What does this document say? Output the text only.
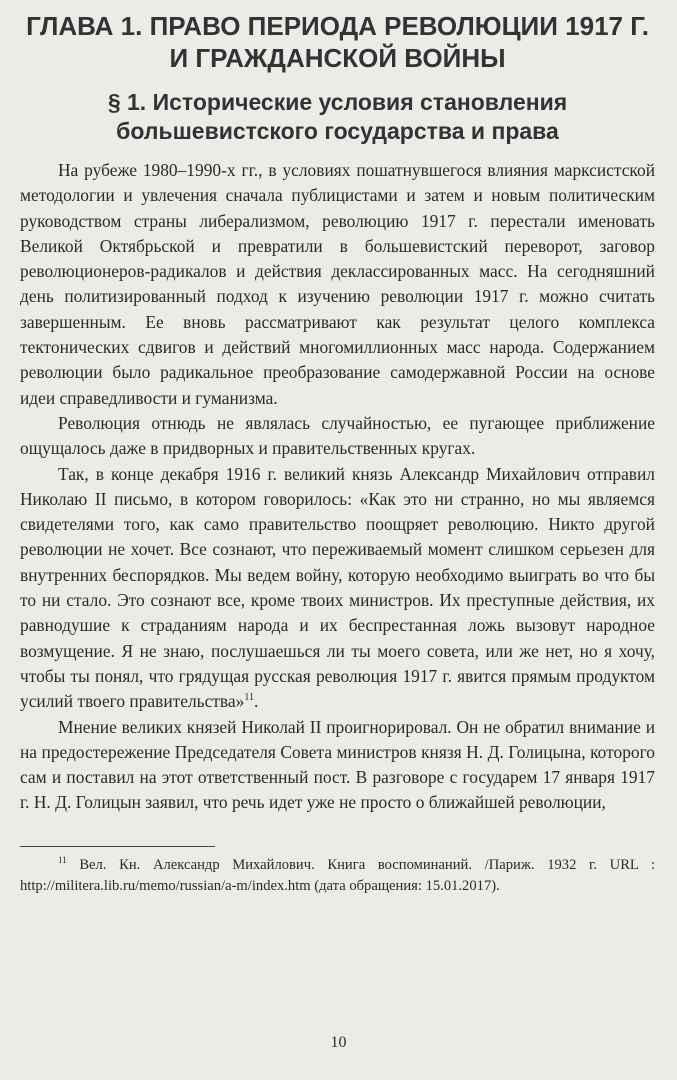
ГЛАВА 1. ПРАВО ПЕРИОДА РЕВОЛЮЦИИ 1917 Г.
И ГРАЖДАНСКОЙ ВОЙНЫ
§ 1. Исторические условия становления
большевистского государства и права

На рубеже 1980–1990-х гг., в условиях пошатнувшегося влияния марксистской методологии и увлечения сначала публицистами и затем и новым политическим руководством страны либерализмом, революцию 1917 г. перестали именовать Великой Октябрьской и превратили в большевистский переворот, заговор революционеров-радикалов и действия деклассированных масс. На сегодняшний день политизированный подход к изучению революции 1917 г. можно считать завершенным. Ее вновь рассматривают как результат целого комплекса тектонических сдвигов и действий многомиллионных масс народа. Содержанием революции было радикальное преобразование самодержавной России на основе идеи справедливости и гуманизма.

Революция отнюдь не являлась случайностью, ее пугающее приближение ощущалось даже в придворных и правительственных кругах.

Так, в конце декабря 1916 г. великий князь Александр Михайлович отправил Николаю II письмо, в котором говорилось: «Как это ни странно, но мы являемся свидетелями того, как само правительство поощряет революцию. Никто другой революции не хочет. Все сознают, что переживаемый момент слишком серьезен для внутренних беспорядков. Мы ведем войну, которую необходимо выиграть во что бы то ни стало. Это сознают все, кроме твоих министров. Их преступные действия, их равнодушие к страданиям народа и их беспрестанная ложь вызовут народное возмущение. Я не знаю, послушаешься ли ты моего совета, или же нет, но я хочу, чтобы ты понял, что грядущая русская революция 1917 г. явится прямым продуктом усилий твоего правительства»$^{11}$.

Мнение великих князей Николай II проигнорировал. Он не обратил внимание и на предостережение Председателя Совета министров князя Н. Д. Голицына, которого сам и поставил на этот ответственный пост. В разговоре с государем 17 января 1917 г. Н. Д. Голицын заявил, что речь идет уже не просто о ближайшей революции,

$^{11}$ Вел. Кн. Александр Михайлович. Книга воспоминаний. /Париж. 1932 г. URL : http://militera.lib.ru/memo/russian/a-m/index.htm (дата обращения: 15.01.2017).

10
